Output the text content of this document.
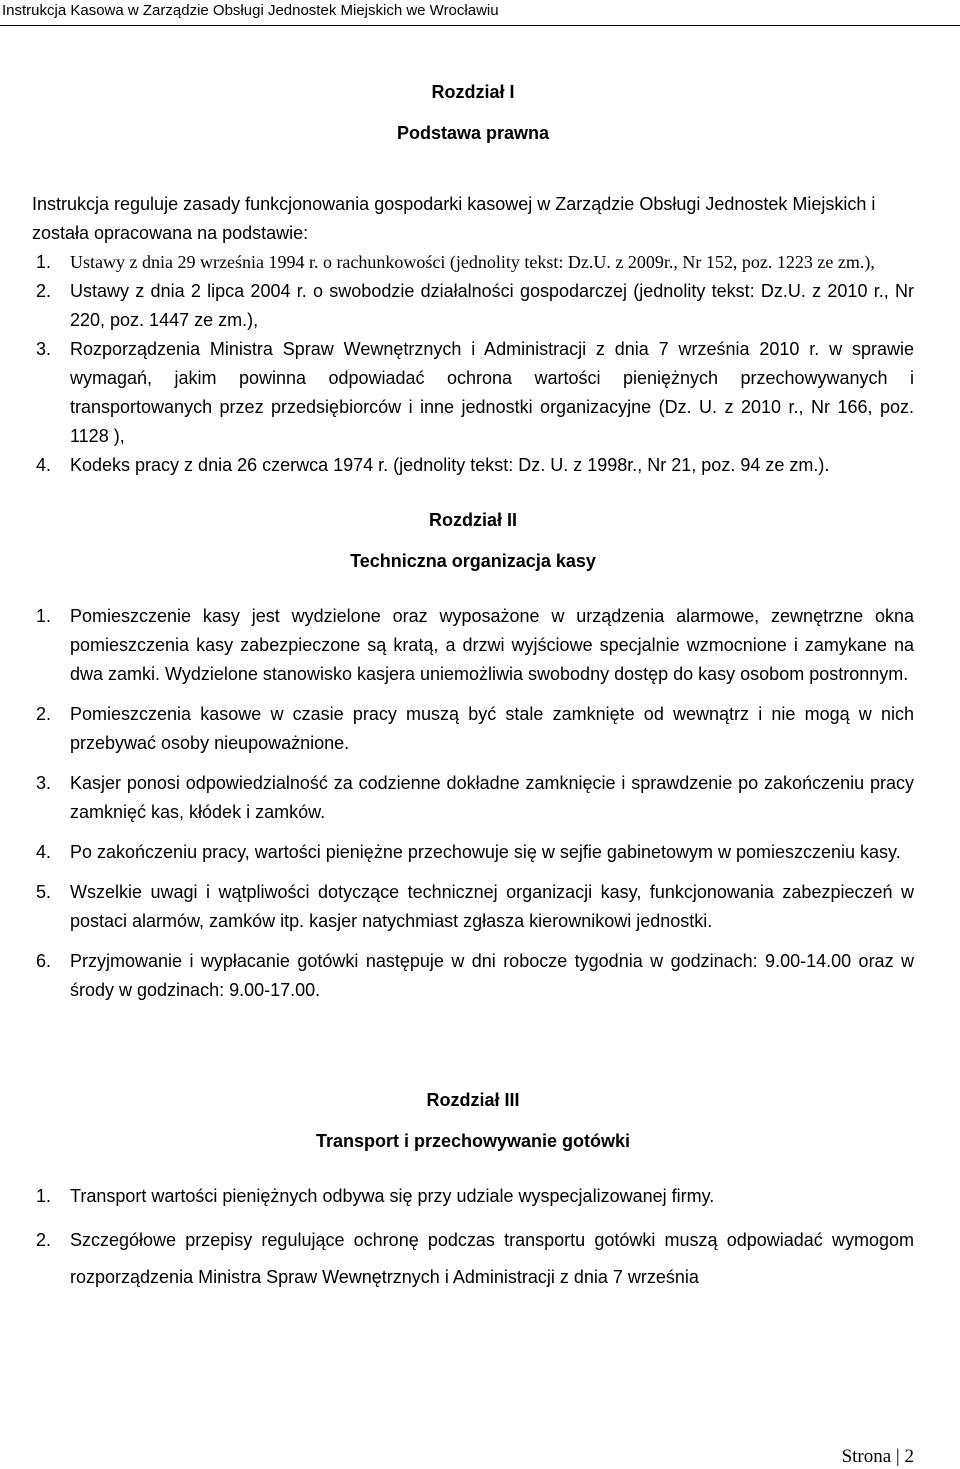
Instrukcja Kasowa w Zarządzie Obsługi Jednostek Miejskich we Wrocławiu
Rozdział I
Podstawa prawna

Instrukcja reguluje zasady funkcjonowania gospodarki kasowej w Zarządzie Obsługi Jednostek Miejskich i została opracowana na podstawie:

1. Ustawy z dnia 29 września 1994 r. o rachunkowości (jednolity tekst: Dz.U. z 2009r., Nr 152, poz. 1223 ze zm.),
2. Ustawy z dnia 2 lipca 2004 r. o swobodzie działalności gospodarczej (jednolity tekst: Dz.U. z 2010 r., Nr 220, poz. 1447 ze zm.),
3. Rozporządzenia Ministra Spraw Wewnętrznych i Administracji z dnia 7 września 2010 r. w sprawie wymagań, jakim powinna odpowiadać ochrona wartości pieniężnych przechowywanych i transportowanych przez przedsiębiorców i inne jednostki organizacyjne (Dz. U. z 2010 r., Nr 166, poz. 1128 ),
4. Kodeks pracy z dnia 26 czerwca 1974 r. (jednolity tekst: Dz. U. z 1998r., Nr 21, poz. 94 ze zm.).
Rozdział II
Techniczna organizacja kasy
1. Pomieszczenie kasy jest wydzielone oraz wyposażone w urządzenia alarmowe, zewnętrzne okna pomieszczenia kasy zabezpieczone są kratą, a drzwi wyjściowe specjalnie wzmocnione i zamykane na dwa zamki. Wydzielone stanowisko kasjera uniemożliwia swobodny dostęp do kasy osobom postronnym.
2. Pomieszczenia kasowe w czasie pracy muszą być stale zamknięte od wewnątrz i nie mogą w nich przebywać osoby nieupoważnione.
3. Kasjer ponosi odpowiedzialność za codzienne dokładne zamknięcie i sprawdzenie po zakończeniu pracy zamknięć kas, kłódek i zamków.
4. Po zakończeniu pracy, wartości pieniężne przechowuje się w sejfie gabinetowym w pomieszczeniu kasy.
5. Wszelkie uwagi i wątpliwości dotyczące technicznej organizacji kasy, funkcjonowania zabezpieczeń w postaci alarmów, zamków itp. kasjer natychmiast zgłasza kierownikowi jednostki.
6. Przyjmowanie i wypłacanie gotówki następuje w dni robocze tygodnia w godzinach: 9.00-14.00 oraz w środy w godzinach: 9.00-17.00.
Rozdział III
Transport i przechowywanie gotówki
1. Transport wartości pieniężnych odbywa się przy udziale wyspecjalizowanej firmy.
2. Szczegółowe przepisy regulujące ochronę podczas transportu gotówki muszą odpowiadać wymogom rozporządzenia Ministra Spraw Wewnętrznych i Administracji z dnia 7 września
Strona | 2
